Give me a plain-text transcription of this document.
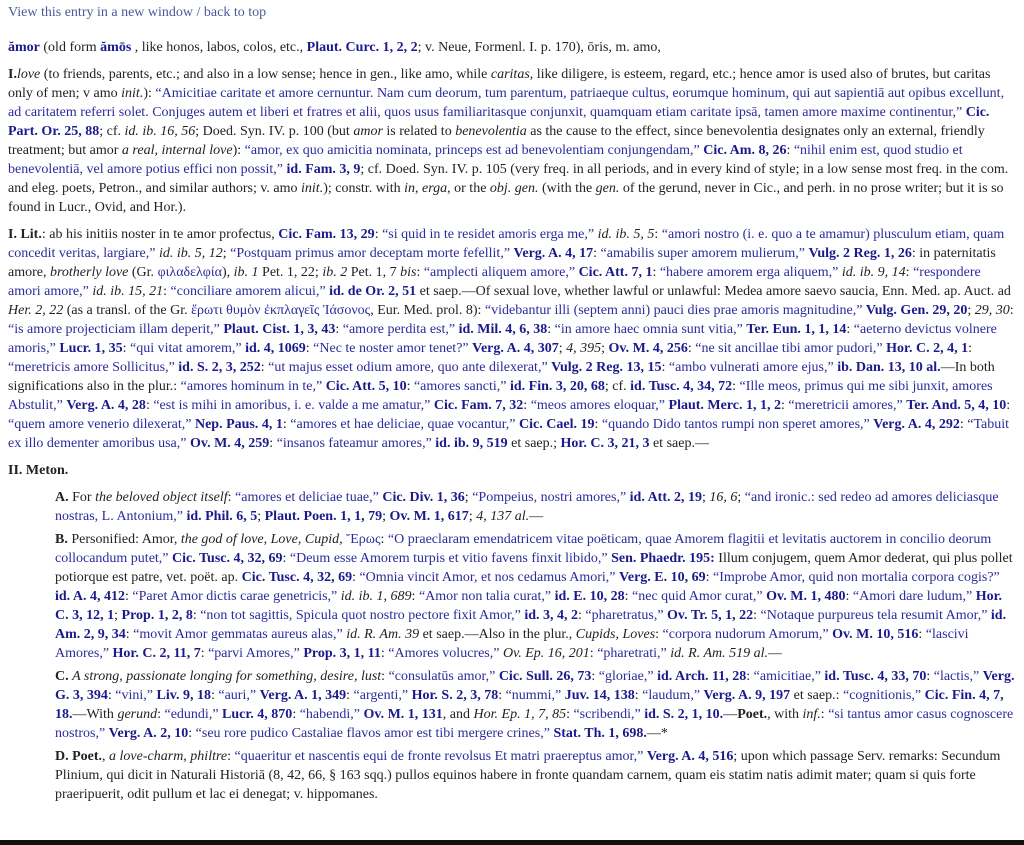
View this entry in a new window / back to top
ămor (old form ămōs , like honos, labos, colos, etc., Plaut. Curc. 1, 2, 2; v. Neue, Formenl. I. p. 170), ōris, m. amo,
I.love (to friends, parents, etc.; and also in a low sense; hence in gen., like amo, while caritas, like diligere, is esteem, regard, etc.; hence amor is used also of brutes, but caritas only of men; v amo init.): “Amicitiae caritate et amore cernuntur. Nam cum deorum, tum parentum, patriaeque cultus, eorumque hominum, qui aut sapientiā aut opibus excellunt, ad caritatem referri solet. Conjuges autem et liberi et fratres et alii, quos usus familiaritasque conjunxit, quamquam etiam caritate ipsā, tamen amore maxime continentur,” Cic. Part. Or. 25, 88; cf. id. ib. 16, 56; Doed. Syn. IV. p. 100 (but amor is related to benevolentia as the cause to the effect, since benevolentia designates only an external, friendly treatment; but amor a real, internal love): “amor, ex quo amicitia nominata, princeps est ad benevolentiam conjungendam,” Cic. Am. 8, 26: “nihil enim est, quod studio et benevolentiā, vel amore potius effici non possit,” id. Fam. 3, 9; cf. Doed. Syn. IV. p. 105 (very freq. in all periods, and in every kind of style; in a low sense most freq. in the com. and eleg. poets, Petron., and similar authors; v. amo init.); constr. with in, erga, or the obj. gen. (with the gen. of the gerund, never in Cic., and perh. in no prose writer; but it is so found in Lucr., Ovid, and Hor.).
I. Lit.: ab his initiis noster in te amor profectus, Cic. Fam. 13, 29: “si quid in te residet amoris erga me,” id. ib. 5, 5: “amori nostro (i. e. quo a te amamur) plusculum etiam, quam concedit veritas, largiare,” id. ib. 5, 12; “Postquam primus amor deceptam morte fefellit,” Verg. A. 4, 17: “amabilis super amorem mulierum,” Vulg. 2 Reg. 1, 26: in paternitatis amore, brotherly love (Gr. φιλαδελφία), ib. 1 Pet. 1, 22; ib. 2 Pet. 1, 7 bis: “amplecti aliquem amore,” Cic. Att. 7, 1: “habere amorem erga aliquem,” id. ib. 9, 14: “respondere amori amore,” id. ib. 15, 21: “conciliare amorem alicui,” id. de Or. 2, 51 et saep.—Of sexual love, whether lawful or unlawful: Medea amore saevo saucia, Enn. Med. ap. Auct. ad Her. 2, 22 (as a transl. of the Gr. ἔρωτι θυμὸν ἐκπλαγεῖς Ἰάσονος, Eur. Med. prol. 8): “videbantur illi (septem anni) pauci dies prae amoris magnitudine,” Vulg. Gen. 29, 20; 29, 30: “is amore projecticiam illam deperit,” Plaut. Cist. 1, 3, 43: “amore perdita est,” id. Mil. 4, 6, 38: “in amore haec omnia sunt vitia,” Ter. Eun. 1, 1, 14: “aeterno devictus volnere amoris,” Lucr. 1, 35: “qui vitat amorem,” id. 4, 1069: “Nec te noster amor tenet?” Verg. A. 4, 307; 4, 395; Ov. M. 4, 256: “ne sit ancillae tibi amor pudori,” Hor. C. 2, 4, 1: “meretricis amore Sollicitus,” id. S. 2, 3, 252: “ut majus esset odium amore, quo ante dilexerat,” Vulg. 2 Reg. 13, 15: “ambo vulnerati amore ejus,” ib. Dan. 13, 10 al.—In both significations also in the plur.: “amores hominum in te,” Cic. Att. 5, 10: “amores sancti,” id. Fin. 3, 20, 68; cf. id. Tusc. 4, 34, 72: “Ille meos, primus qui me sibi junxit, amores Abstulit,” Verg. A. 4, 28: “est is mihi in amoribus, i. e. valde a me amatur,” Cic. Fam. 7, 32: “meos amores eloquar,” Plaut. Merc. 1, 1, 2: “meretricii amores,” Ter. And. 5, 4, 10: “quem amore venerio dilexerat,” Nep. Paus. 4, 1: “amores et hae deliciae, quae vocantur,” Cic. Cael. 19: “quando Dido tantos rumpi non speret amores,” Verg. A. 4, 292: “Tabuit ex illo dementer amoribus usa,” Ov. M. 4, 259: “insanos fateamur amores,” id. ib. 9, 519 et saep.; Hor. C. 3, 21, 3 et saep.—
II. Meton.
A. For the beloved object itself: “amores et deliciae tuae,” Cic. Div. 1, 36; “Pompeius, nostri amores,” id. Att. 2, 19; 16, 6; “and ironic.: sed redeo ad amores deliciasque nostras, L. Antonium,” id. Phil. 6, 5; Plaut. Poen. 1, 1, 79; Ov. M. 1, 617; 4, 137 al.—
B. Personified: Amor, the god of love, Love, Cupid, Ἔρως: “O praeclaram emendatricem vitae poëticam, quae Amorem flagitii et levitatis auctorem in concilio deorum collocandum putet,” Cic. Tusc. 4, 32, 69: “Deum esse Amorem turpis et vitio favens finxit libido,” Sen. Phaedr. 195: Illum conjugem, quem Amor dederat, qui plus pollet potiorque est patre, vet. poët. ap. Cic. Tusc. 4, 32, 69: “Omnia vincit Amor, et nos cedamus Amori,” Verg. E. 10, 69: “Improbe Amor, quid non mortalia corpora cogis?” id. A. 4, 412: “Paret Amor dictis carae genetricis,” id. ib. 1, 689: “Amor non talia curat,” id. E. 10, 28: “nec quid Amor curat,” Ov. M. 1, 480: “Amori dare ludum,” Hor. C. 3, 12, 1; Prop. 1, 2, 8: “non tot sagittis, Spicula quot nostro pectore fixit Amor,” id. 3, 4, 2: “pharetratus,” Ov. Tr. 5, 1, 22: “Notaque purpureus tela resumit Amor,” id. Am. 2, 9, 34: “movit Amor gemmatas aureus alas,” id. R. Am. 39 et saep.—Also in the plur., Cupids, Loves: “corpora nudorum Amorum,” Ov. M. 10, 516: “lascivi Amores,” Hor. C. 2, 11, 7: “parvi Amores,” Prop. 3, 1, 11: “Amores volucres,” Ov. Ep. 16, 201: “pharetrati,” id. R. Am. 519 al.—
C. A strong, passionate longing for something, desire, lust: “consulatūs amor,” Cic. Sull. 26, 73: “gloriae,” id. Arch. 11, 28: “amicitiae,” id. Tusc. 4, 33, 70: “lactis,” Verg. G. 3, 394: “vini,” Liv. 9, 18: “auri,” Verg. A. 1, 349: “argenti,” Hor. S. 2, 3, 78: “nummi,” Juv. 14, 138: “laudum,” Verg. A. 9, 197 et saep.: “cognitionis,” Cic. Fin. 4, 7, 18.—With gerund: “edundi,” Lucr. 4, 870: “habendi,” Ov. M. 1, 131, and Hor. Ep. 1, 7, 85: “scribendi,” id. S. 2, 1, 10.—Poet., with inf.: “si tantus amor casus cognoscere nostros,” Verg. A. 2, 10: “seu rore pudico Castaliae flavos amor est tibi mergere crines,” Stat. Th. 1, 698.—*
D. Poet., a love-charm, philtre: “quaeritur et nascentis equi de fronte revolsus Et matri praereptus amor,” Verg. A. 4, 516; upon which passage Serv. remarks: Secundum Plinium, qui dicit in Naturali Historiā (8, 42, 66, § 163 sqq.) pullos equinos habere in fronte quandam carnem, quam eis statim natis adimit mater; quam si quis forte praeripuerit, odit pullum et lac ei denegat; v. hippomanes.
